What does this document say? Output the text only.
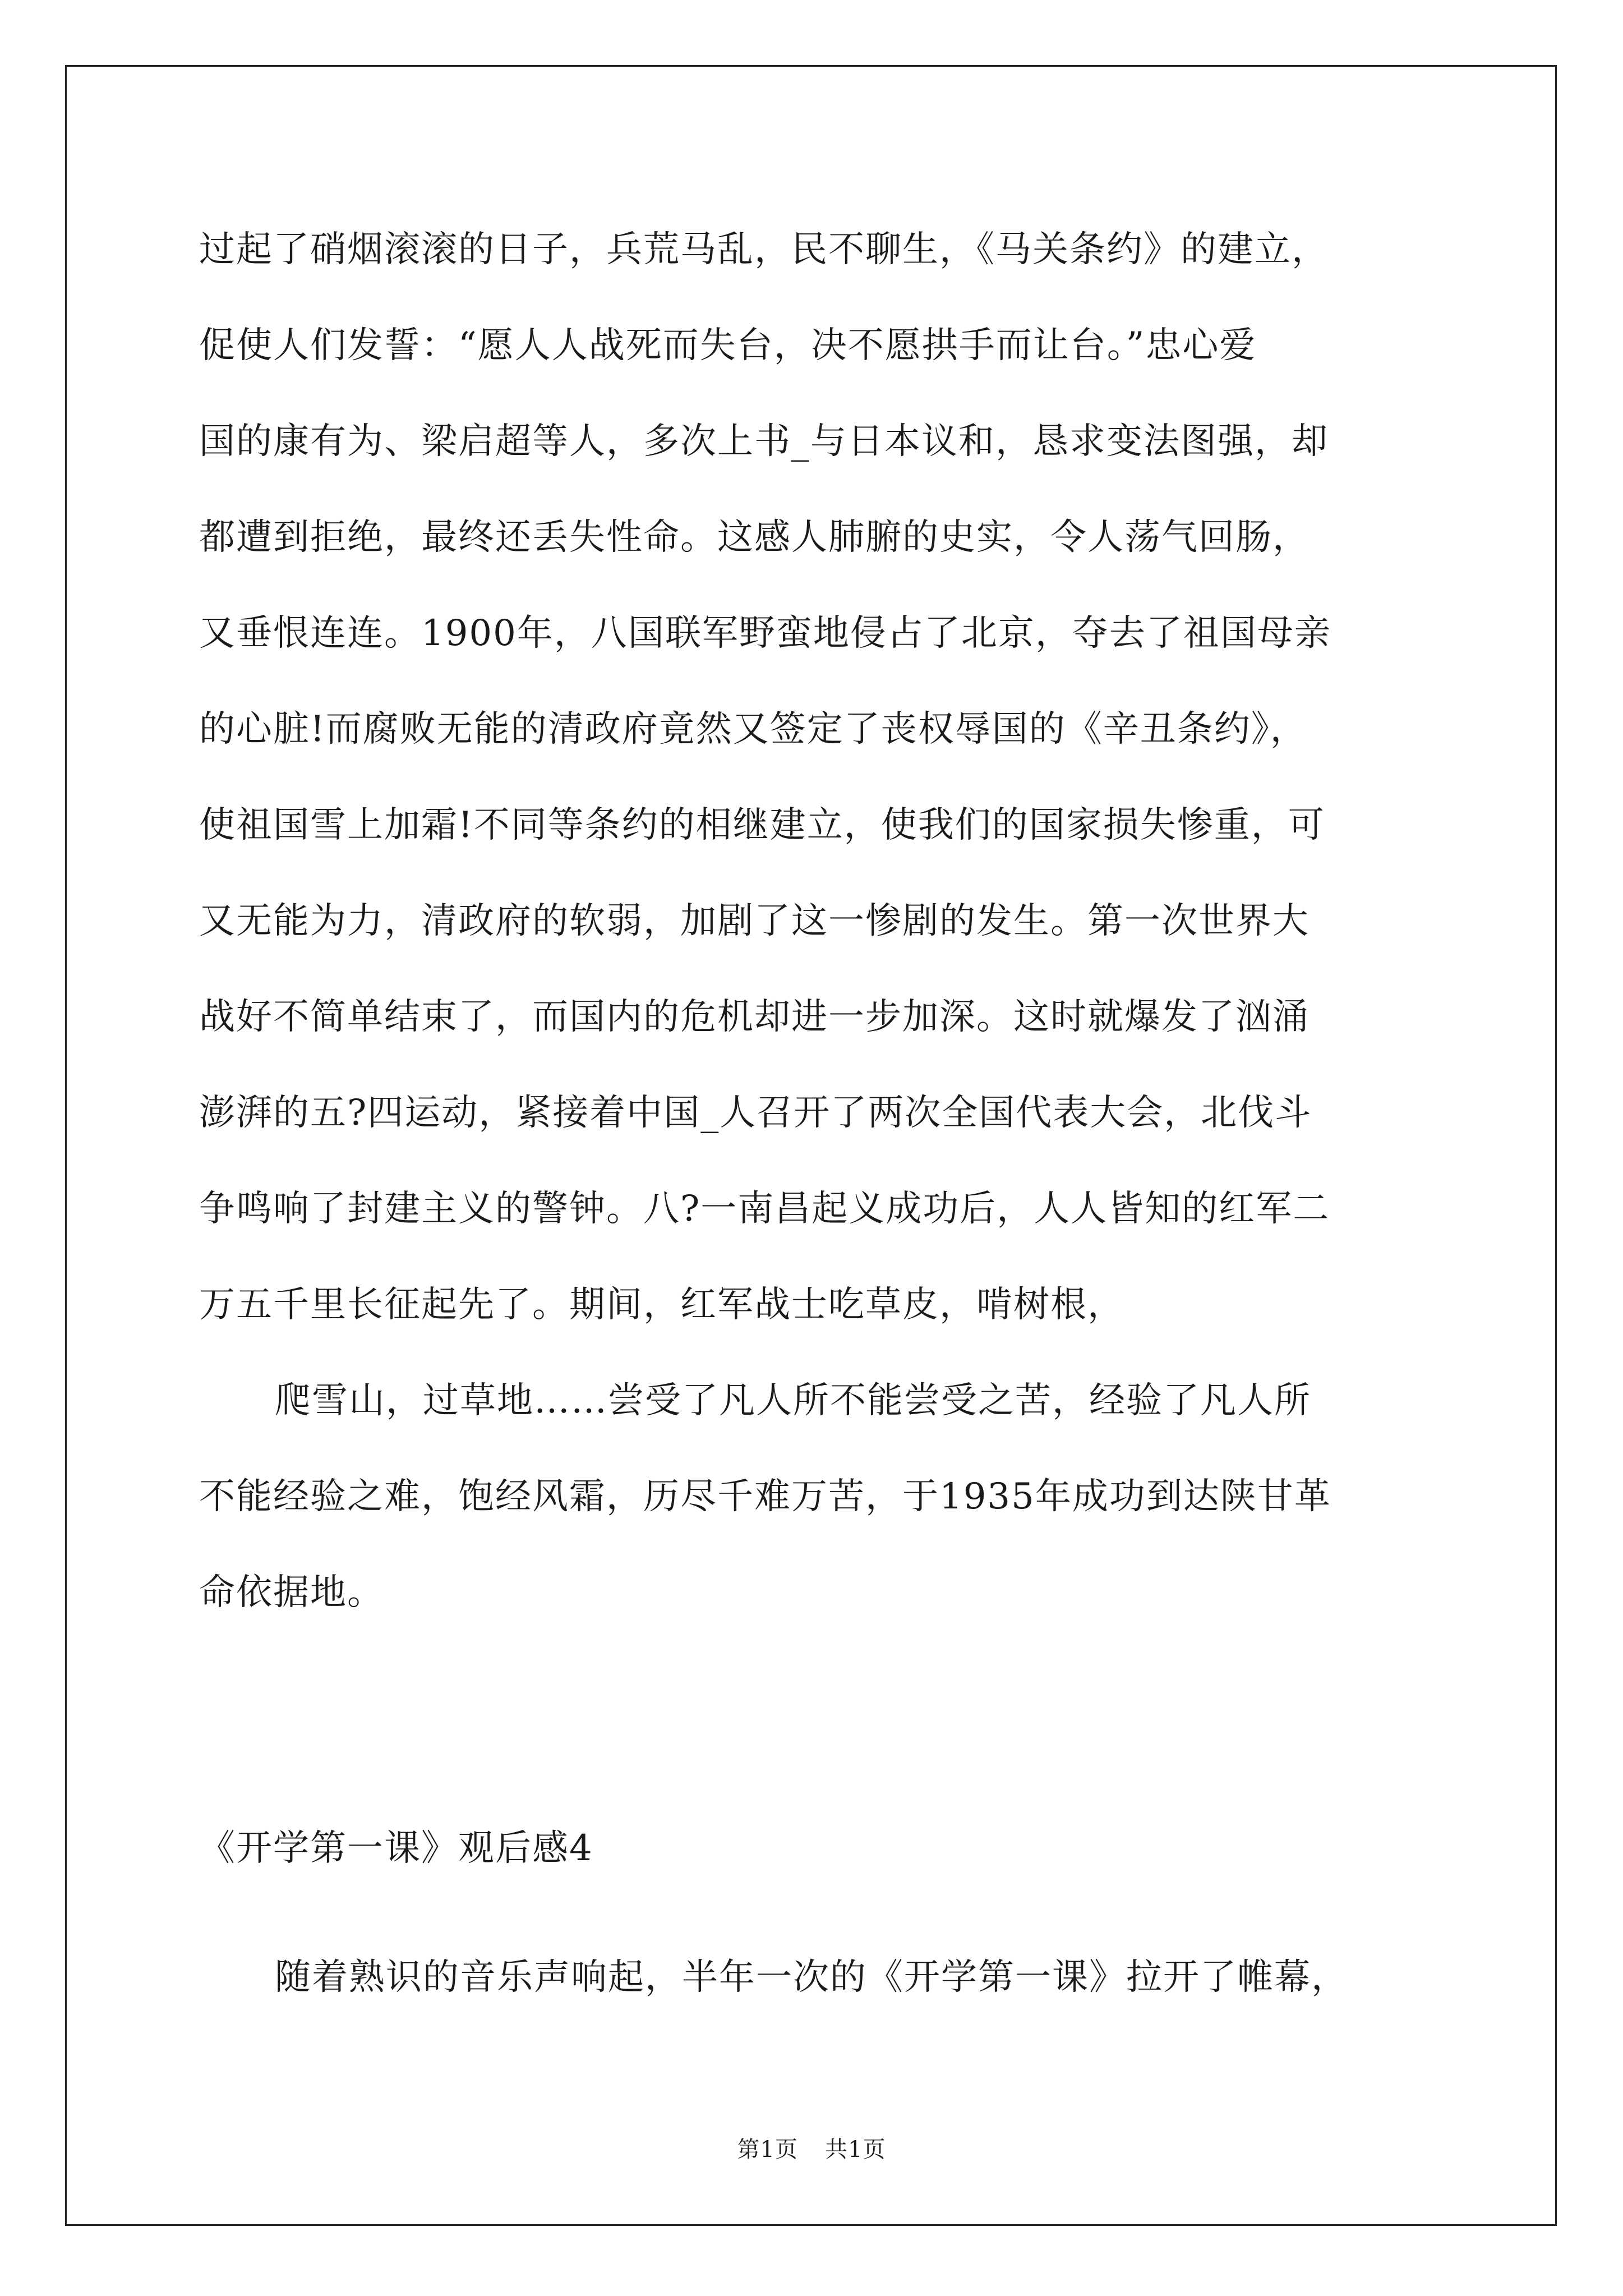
过起了硝烟滚滚的日子，兵荒马乱，民不聊生，《马关条约》的建立，
促使人们发誓：“愿人人战死而失台，决不愿拱手而让台。”忠心爱
国的康有为、梁启超等人，多次上书_与日本议和，恳求变法图强，却
都遭到拒绝，最终还丢失性命。这感人肺腑的史实，令人荡气回肠，
又垂恨连连。1900年，八国联军野蛮地侵占了北京，夺去了祖国母亲
的心脏!而腐败无能的清政府竟然又签定了丧权辱国的《辛丑条约》，
使祖国雪上加霜!不同等条约的相继建立，使我们的国家损失惨重，可
又无能为力，清政府的软弱，加剧了这一惨剧的发生。第一次世界大
战好不简单结束了，而国内的危机却进一步加深。这时就爆发了汹涌
澎湃的五?四运动，紧接着中国_人召开了两次全国代表大会，北伐斗
争鸣响了封建主义的警钟。八?一南昌起义成功后，人人皆知的红军二
万五千里长征起先了。期间，红军战士吃草皮，啃树根，
爬雪山，过草地……尝受了凡人所不能尝受之苦，经验了凡人所
不能经验之难，饱经风霜，历尽千难万苦，于1935年成功到达陕甘革
命依据地。
《开学第一课》观后感4
随着熟识的音乐声响起，半年一次的《开学第一课》拉开了帷幕，
第1页 共1页
